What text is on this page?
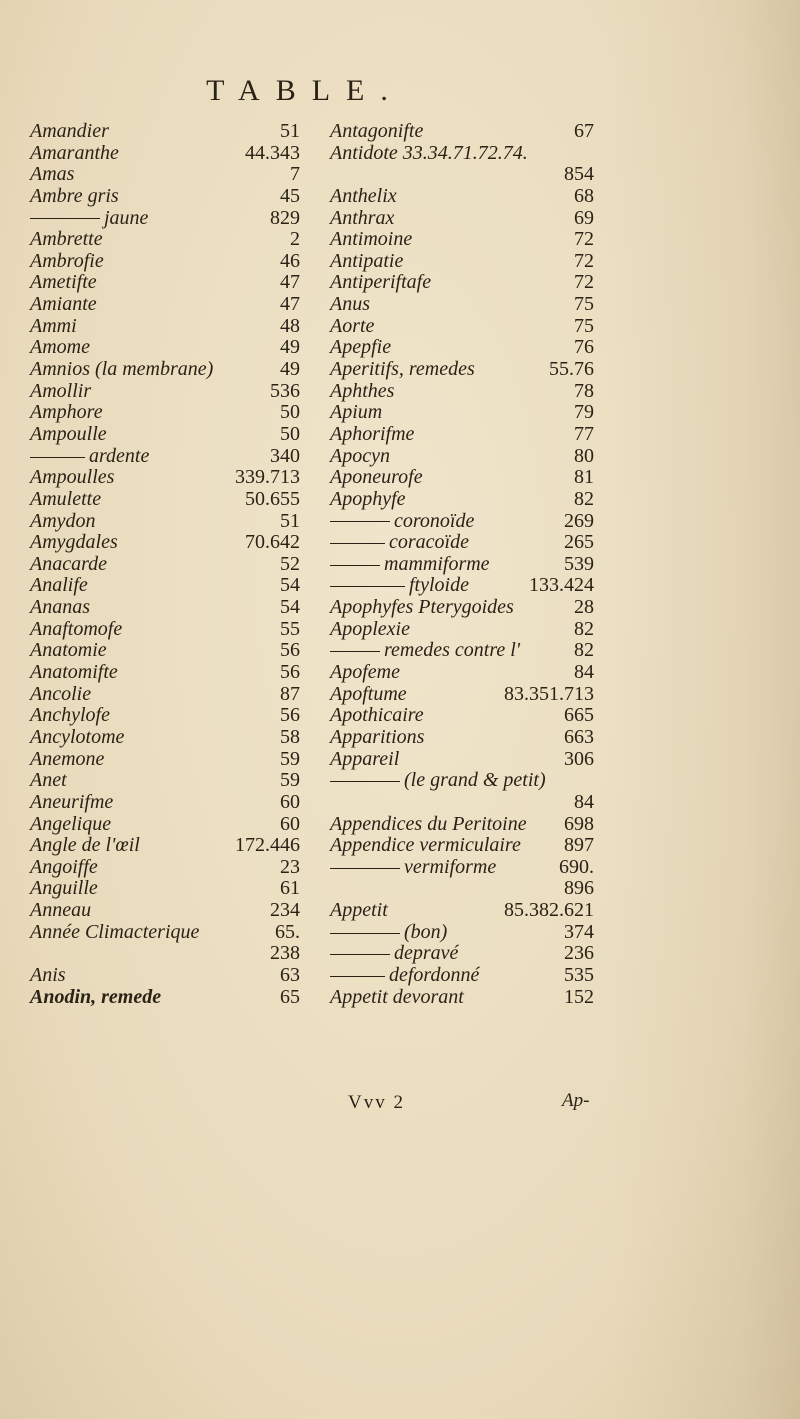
TABLE.
Amandier	51
Amaranthe	44.343
Amas	7
Ambre gris	45
jaune	829
Ambrette	2
Ambrofie	46
Ametifte	47
Amiante	47
Ammi	48
Amome	49
Amnios (la membrane)	49
Amollir	536
Amphore	50
Ampoulle	50
ardente	340
Ampoulles	339.713
Amulette	50.655
Amydon	51
Amygdales	70.642
Anacarde	52
Analife	54
Ananas	54
Anaftomofe	55
Anatomie	56
Anatomifte	56
Ancolie	87
Anchylofe	56
Ancylotome	58
Anemone	59
Anet	59
Aneurifme	60
Angelique	60
Angle de l'œil	172.446
Angoiffe	23
Anguille	61
Anneau	234
Année Climacterique	65.
238
Anis	63
Anodin, remede	65
Antagonifte	67
Antidote 33.34.71.72.74.
854
Anthelix	68
Anthrax	69
Antimoine	72
Antipatie	72
Antiperiftafe	72
Anus	75
Aorte	75
Apepfie	76
Aperitifs, remedes	55.76
Aphthes	78
Apium	79
Aphorifme	77
Apocyn	80
Aponeurofe	81
Apophyfe	82
coronoïde	269
coracoïde	265
mammiforme	539
ftyloide	133.424
Apophyfes Pterygoides	28
Apoplexie	82
remedes contre l'	82
Apofeme	84
Apoftume	83.351.713
Apothicaire	665
Apparitions	663
Appareil	306
(le grand & petit)
84
Appendices du Peritoine 698
Appendice vermiculaire 897
vermiforme	690.
896
Appetit	85.382.621
(bon)	374
depravé	236
defordonné	535
Appetit devorant	152
Vvv 2	Ap-
